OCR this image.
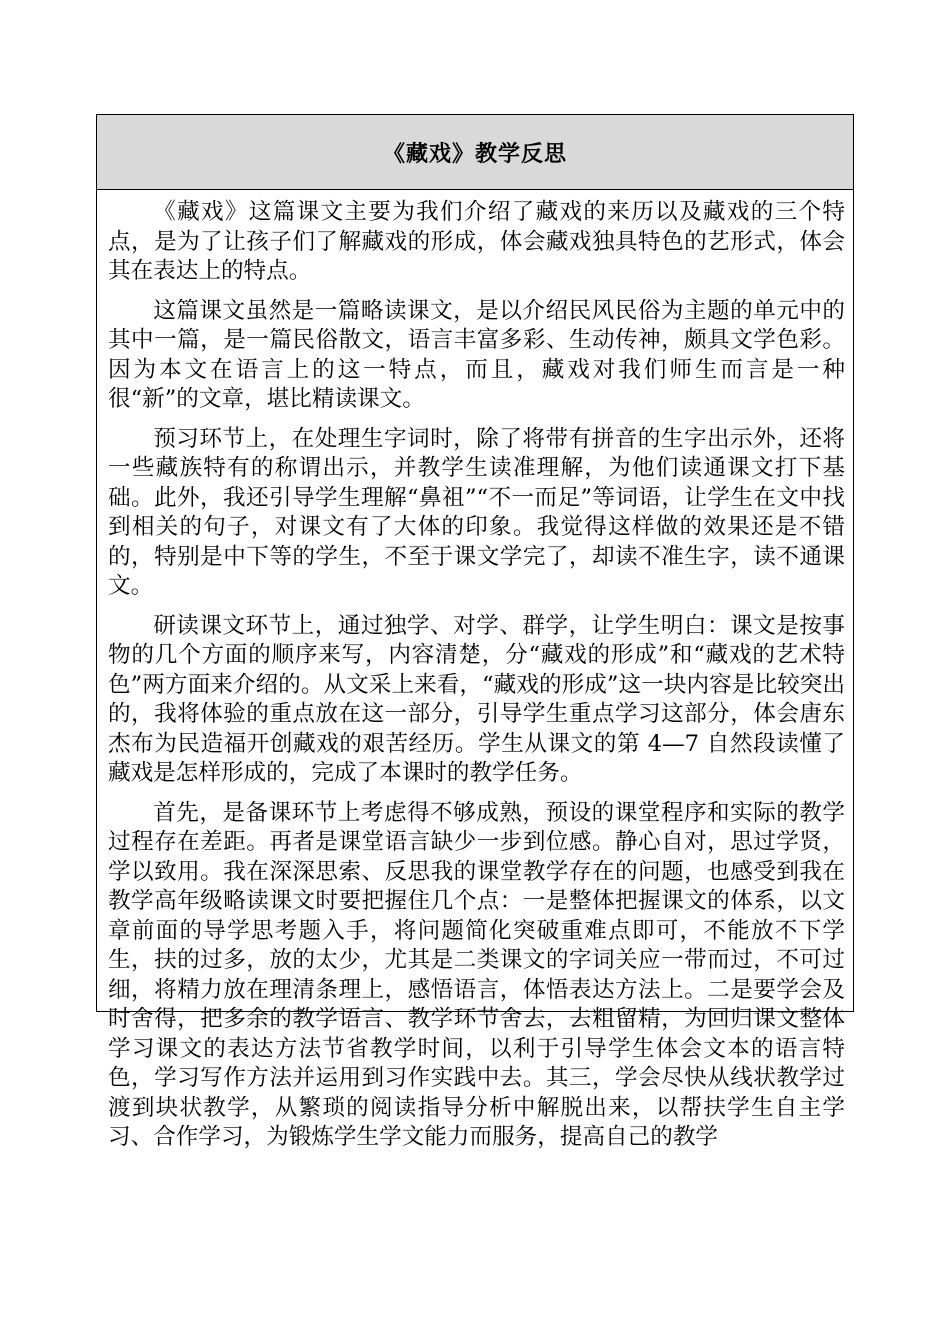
《藏戏》教学反思

《藏戏》这篇课文主要为我们介绍了藏戏的来历以及藏戏的三个特点，是为了让孩子们了解藏戏的形成，体会藏戏独具特色的艺形式，体会其在表达上的特点。

这篇课文虽然是一篇略读课文，是以介绍民风民俗为主题的单元中的其中一篇，是一篇民俗散文，语言丰富多彩、生动传神，颇具文学色彩。因为本文在语言上的这一特点，而且，藏戏对我们师生而言是一种很“新”的文章，堪比精读课文。

预习环节上，在处理生字词时，除了将带有拼音的生字出示外，还将一些藏族特有的称谓出示，并教学生读准理解，为他们读通课文打下基础。此外，我还引导学生理解“鼻祖”“不一而足”等词语，让学生在文中找到相关的句子，对课文有了大体的印象。我觉得这样做的效果还是不错的，特别是中下等的学生，不至于课文学完了，却读不准生字，读不通课文。

研读课文环节上，通过独学、对学、群学，让学生明白：课文是按事物的几个方面的顺序来写，内容清楚，分“藏戏的形成”和“藏戏的艺术特色”两方面来介绍的。从文采上来看，“藏戏的形成”这一块内容是比较突出的，我将体验的重点放在这一部分，引导学生重点学习这部分，体会唐东杰布为民造福开创藏戏的艰苦经历。学生从课文的第 4—7 自然段读懂了藏戏是怎样形成的，完成了本课时的教学任务。

首先，是备课环节上考虑得不够成熟，预设的课堂程序和实际的教学过程存在差距。再者是课堂语言缺少一步到位感。静心自对，思过学贤，学以致用。我在深深思索、反思我的课堂教学存在的问题，也感受到我在教学高年级略读课文时要把握住几个点：一是整体把握课文的体系，以文章前面的导学思考题入手，将问题简化突破重难点即可，不能放不下学生，扶的过多，放的太少，尤其是二类课文的字词关应一带而过，不可过细，将精力放在理清条理上，感悟语言，体悟表达方法上。二是要学会及时舍得，把多余的教学语言、教学环节舍去，去粗留精，为回归课文整体学习课文的表达方法节省教学时间，以利于引导学生体会文本的语言特色，学习写作方法并运用到习作实践中去。其三，学会尽快从线状教学过渡到块状教学，从繁琐的阅读指导分析中解脱出来，以帮扶学生自主学习、合作学习，为锻炼学生学文能力而服务，提高自己的教学
